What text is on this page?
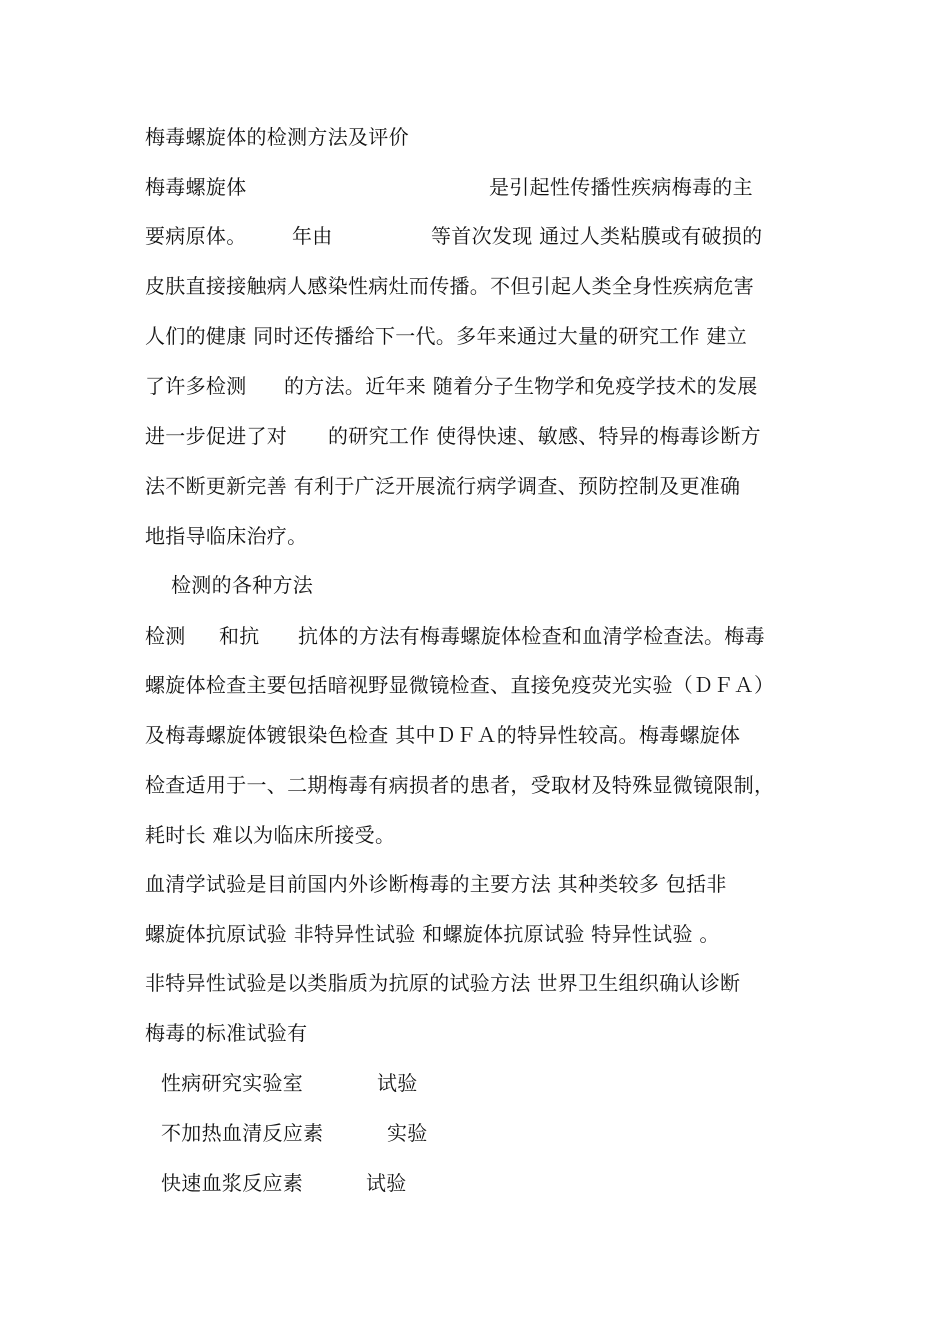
梅毒螺旋体的检测方法及评价

梅毒螺旋体

	是引起性传播性疾病梅毒的主

要病原体。

年由

	等首次发现 通过人类粘膜或有破损的

皮肤直接接触病人感染性病灶而传播。不但引起人类全身性疾病危害

人们的健康 同时还传播给下一代。多年来通过大量的研究工作 建立

了许多检测

的方法。近年来 随着分子生物学和免疫学技术的发展

进一步促进了对

的研究工作 使得快速、敏感、特异的梅毒诊断方

法不断更新完善 有利于广泛开展流行病学调查、预防控制及更准确

地指导临床治疗。

检测的各种方法

检测

和抗

抗体的方法有梅毒螺旋体检查和血清学检查法。梅毒

螺旋体检查主要包括暗视野显微镜检查、直接免疫荧光实验（ＤＦＡ）

及梅毒螺旋体镀银染色检查 其中ＤＦＡ的特异性较高。梅毒螺旋体

检查适用于一、二期梅毒有病损者的患者，受取材及特殊显微镜限制，

耗时长 难以为临床所接受。

血清学试验是目前国内外诊断梅毒的主要方法 其种类较多 包括非

螺旋体抗原试验 非特异性试验 和螺旋体抗原试验 特异性试验 。

非特异性试验是以类脂质为抗原的试验方法 世界卫生组织确认诊断

梅毒的标准试验有

性病研究实验室

	试验

不加热血清反应素

	实验

快速血浆反应素

	试验
